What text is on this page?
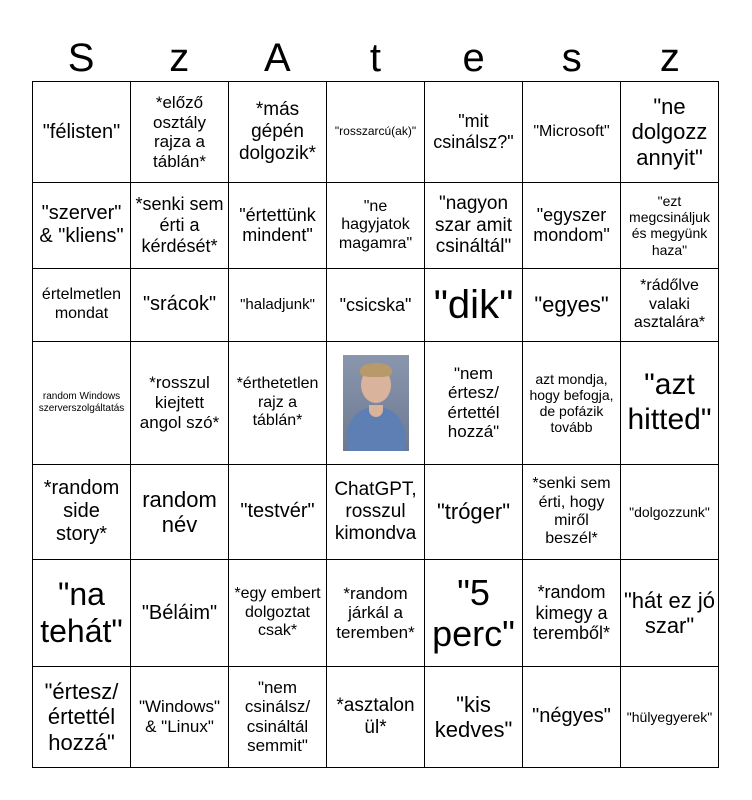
S	z	A	t	e	s	z
"félisten"	*előző osztály rajza a táblán*	*más gépén dolgozik*	"rosszarcú(ak)"	"mit csinálsz?"	"Microsoft"	"ne dolgozz annyit"
"szerver" & "kliens"	*senki sem érti a kérdését*	"értettünk mindent"	"ne hagyjatok magamra"	"nagyon szar amit csináltál"	"egyszer mondom"	"ezt megcsináljuk és megyünk haza"
értelmetlen mondat	"srácok"	"haladjunk"	"csicska"	"dik"	"egyes"	*rádőlve valaki asztalára*
random Windows szerverszolgáltatás	*rosszul kiejtett angol szó*	*érthetetlen rajz a táblán*		"nem értesz/ értettél hozzá"	azt mondja, hogy befogja, de pofázik tovább	"azt hitted"
*random side story*	random név	"testvér"	ChatGPT, rosszul kimondva	"tróger"	*senki sem érti, hogy miről beszél*	"dolgozzunk"
"na tehát"	"Béláim"	*egy embert dolgoztat csak*	*random járkál a teremben*	"5 perc"	*random kimegy a teremből*	"hát ez jó szar"
"értesz/ értettél hozzá"	"Windows" & "Linux"	"nem csinálsz/ csináltál semmit"	*asztalon ül*	"kis kedves"	"négyes"	"hülyegyerek"
